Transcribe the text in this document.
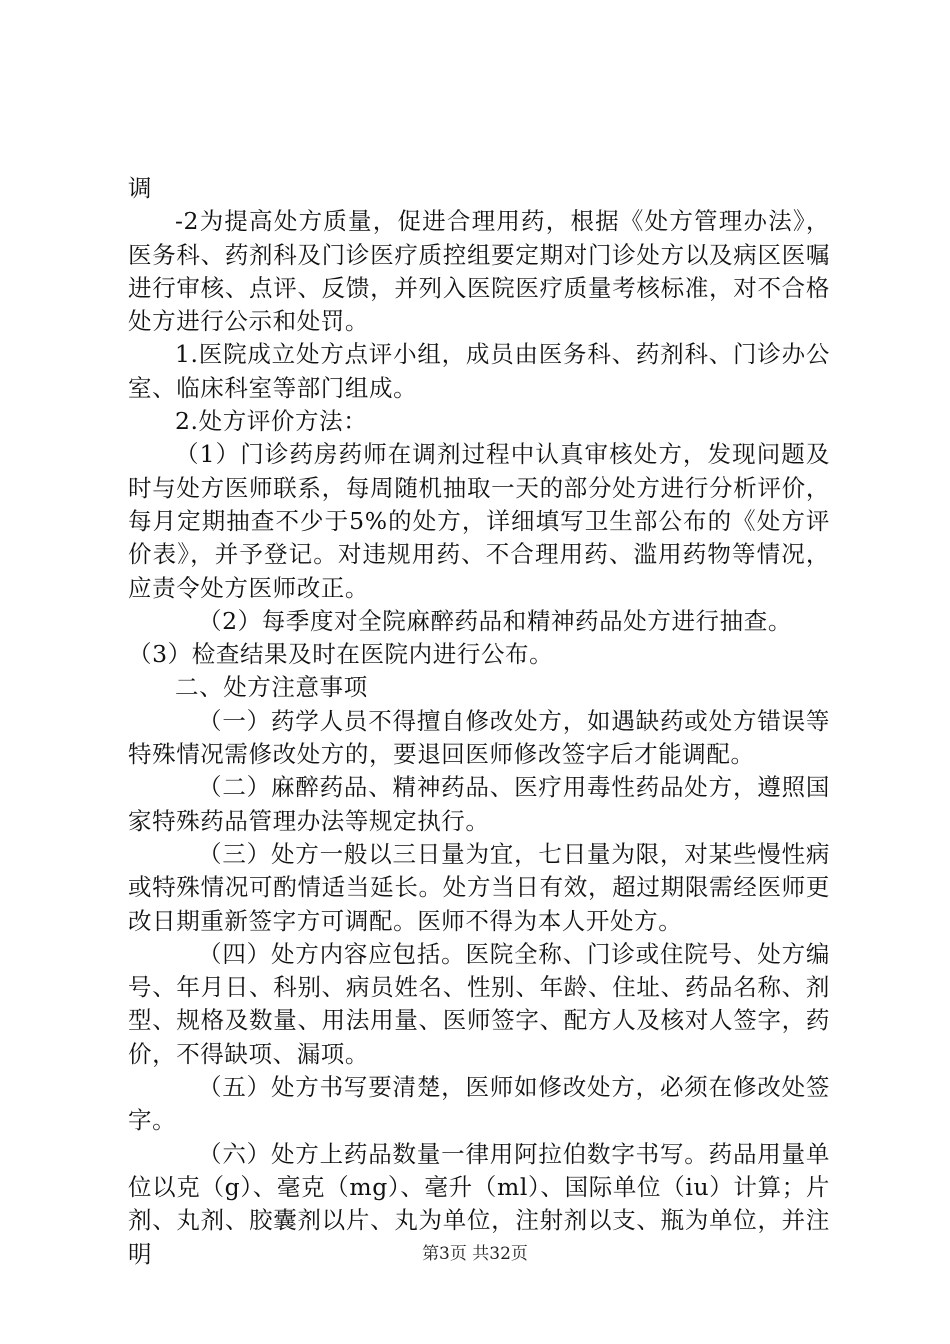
调

-2为提高处方质量，促进合理用药，根据《处方管理办法》，医务科、药剂科及门诊医疗质控组要定期对门诊处方以及病区医嘱进行审核、点评、反馈，并列入医院医疗质量考核标准，对不合格处方进行公示和处罚。

1.医院成立处方点评小组，成员由医务科、药剂科、门诊办公室、临床科室等部门组成。

2.处方评价方法：

（1）门诊药房药师在调剂过程中认真审核处方，发现问题及时与处方医师联系，每周随机抽取一天的部分处方进行分析评价，每月定期抽查不少于5%的处方，详细填写卫生部公布的《处方评价表》，并予登记。对违规用药、不合理用药、滥用药物等情况，应责令处方医师改正。

（2）每季度对全院麻醉药品和精神药品处方进行抽查。

（3）检查结果及时在医院内进行公布。

二、处方注意事项

（一）药学人员不得擅自修改处方，如遇缺药或处方错误等特殊情况需修改处方的，要退回医师修改签字后才能调配。

（二）麻醉药品、精神药品、医疗用毒性药品处方，遵照国家特殊药品管理办法等规定执行。

（三）处方一般以三日量为宜，七日量为限，对某些慢性病或特殊情况可酌情适当延长。处方当日有效，超过期限需经医师更改日期重新签字方可调配。医师不得为本人开处方。

（四）处方内容应包括。医院全称、门诊或住院号、处方编号、年月日、科别、病员姓名、性别、年龄、住址、药品名称、剂型、规格及数量、用法用量、医师签字、配方人及核对人签字，药价，不得缺项、漏项。

（五）处方书写要清楚，医师如修改处方，必须在修改处签字。

（六）处方上药品数量一律用阿拉伯数字书写。药品用量单位以克（g）、毫克（mg）、毫升（ml）、国际单位（iu）计算；片剂、丸剂、胶囊剂以片、丸为单位，注射剂以支、瓶为单位，并注明	第3页 共32页
